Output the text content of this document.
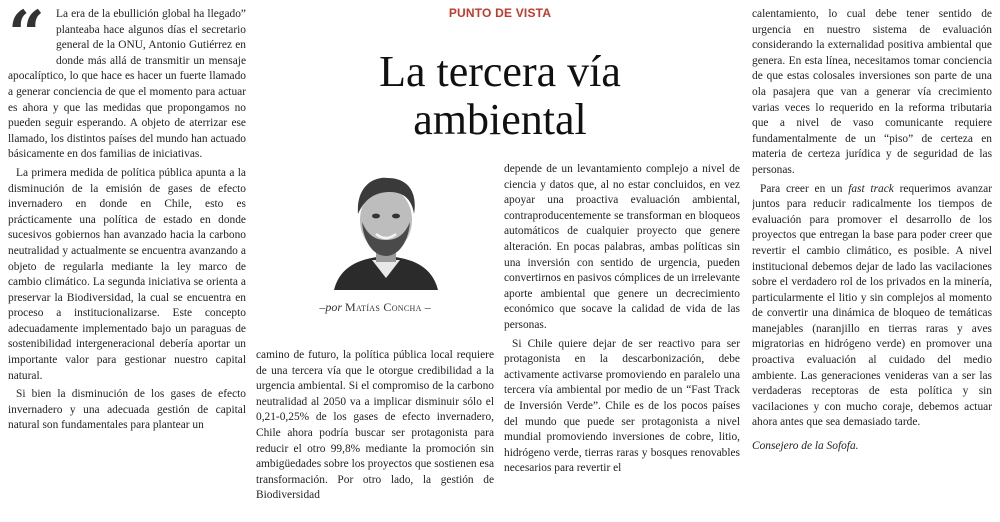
PUNTO DE VISTA
La tercera vía
ambiental
“ La era de la ebullición global ha llegado” planteaba hace algunos días el secretario general de la ONU, Antonio Gutiérrez en donde más allá de transmitir un mensaje apocalíptico, lo que hace es hacer un fuerte llamado a generar conciencia de que el momento para actuar es ahora y que las medidas que propongamos no pueden seguir esperando. A objeto de aterrizar ese llamado, los distintos países del mundo han actuado básicamente en dos familias de iniciativas.

La primera medida de política pública apunta a la disminución de la emisión de gases de efecto invernadero en donde en Chile, esto es prácticamente una política de estado en donde sucesivos gobiernos han avanzado hacia la carbono neutralidad y actualmente se encuentra avanzando a objeto de regularla mediante la ley marco de cambio climático. La segunda iniciativa se orienta a preservar la Biodiversidad, la cual se encuentra en proceso a institucionalizarse. Este concepto adecuadamente implementado bajo un paraguas de sostenibilidad intergeneracional debería aportar un importante valor para gestionar nuestro capital natural.

Si bien la disminución de los gases de efecto invernadero y una adecuada gestión de capital natural son fundamentales para plantear un

–por Matías Concha –

camino de futuro, la política pública local requiere de una tercera vía que le otorgue credibilidad a la urgencia ambiental. Si el compromiso de la carbono neutralidad al 2050 va a implicar disminuir sólo el 0,21-0,25% de los gases de efecto invernadero, Chile ahora podría buscar ser protagonista para reducir el otro 99,8% mediante la promoción sin ambigüedades sobre los proyectos que sostienen esa transformación. Por otro lado, la gestión de Biodiversidad

depende de un levantamiento complejo a nivel de ciencia y datos que, al no estar concluidos, en vez apoyar una proactiva evaluación ambiental, contraproducentemente se transforman en bloqueos automáticos de cualquier proyecto que genere alteración. En pocas palabras, ambas políticas sin una inversión con sentido de urgencia, pueden convertirnos en pasivos cómplices de un irrelevante aporte ambiental que genere un decrecimiento económico que socave la calidad de vida de las personas.

Si Chile quiere dejar de ser reactivo para ser protagonista en la descarbonización, debe activamente activarse promoviendo en paralelo una tercera vía ambiental por medio de un “Fast Track de Inversión Verde”. Chile es de los pocos países del mundo que puede ser protagonista a nivel mundial promoviendo inversiones de cobre, litio, hidrógeno verde, tierras raras y bosques renovables necesarios para revertir el

calentamiento, lo cual debe tener sentido de urgencia en nuestro sistema de evaluación considerando la externalidad positiva ambiental que genera. En esta línea, necesitamos tomar conciencia de que estas colosales inversiones son parte de una ola pasajera que van a generar vía crecimiento varias veces lo requerido en la reforma tributaria que a nivel de vaso comunicante requiere fundamentalmente de un “piso” de certeza en materia de certeza jurídica y de seguridad de las personas.

Para creer en un fast track requerimos avanzar juntos para reducir radicalmente los tiempos de evaluación para promover el desarrollo de los proyectos que entregan la base para poder creer que revertir el cambio climático, es posible. A nivel institucional debemos dejar de lado las vacilaciones sobre el verdadero rol de los privados en la minería, particularmente el litio y sin complejos al momento de convertir una dinámica de bloqueo de temáticas manejables (naranjillo en tierras raras y aves migratorias en hidrógeno verde) en promover una proactiva evaluación al cuidado del medio ambiente. Las generaciones venideras van a ser las verdaderas receptoras de esta política y sin vacilaciones y con mucho coraje, debemos actuar ahora antes que sea demasiado tarde.

Consejero de la Sofofa.
